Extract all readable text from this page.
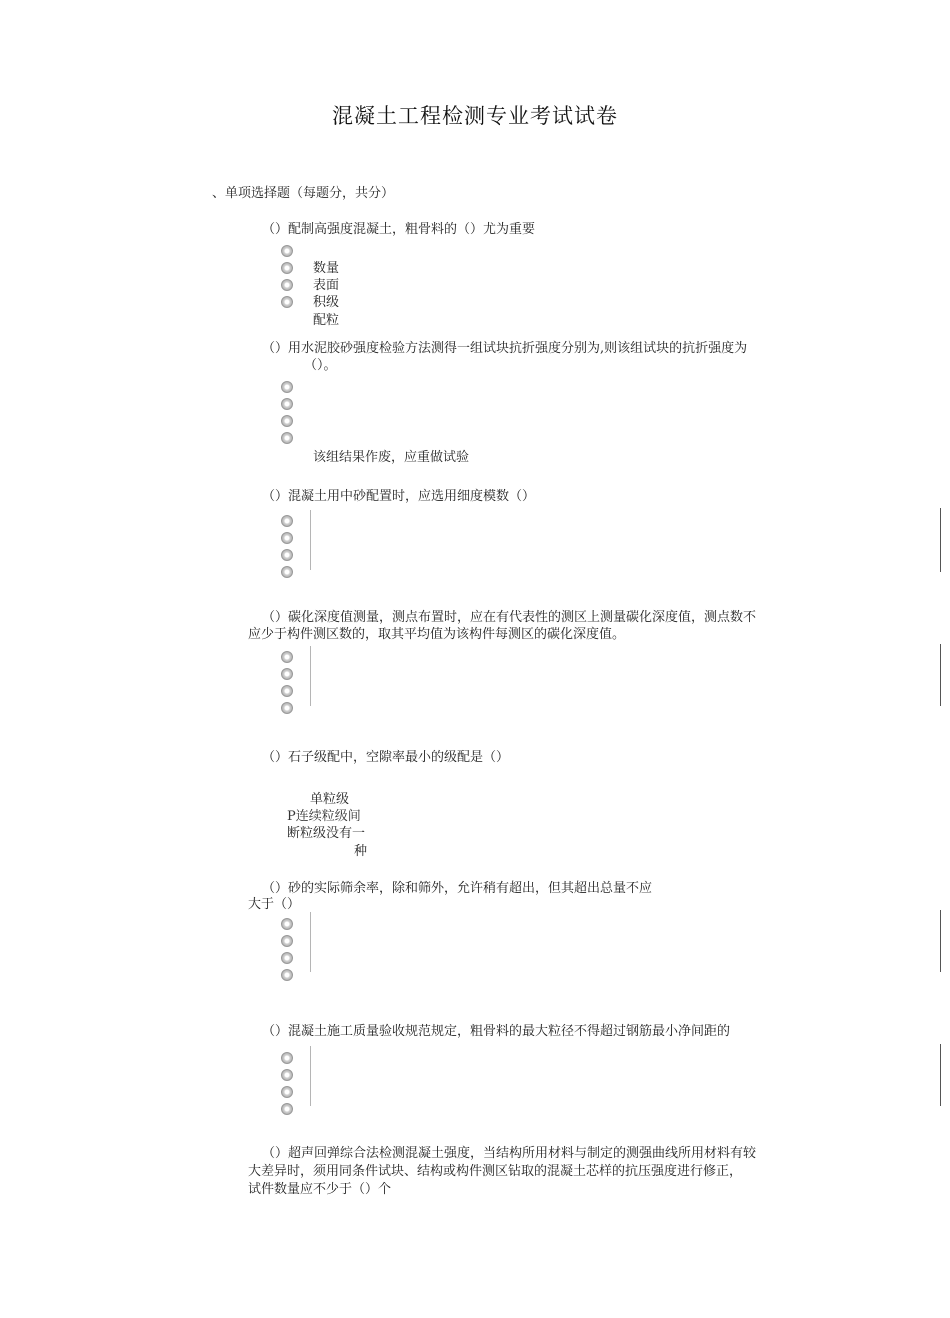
混凝土工程检测专业考试试卷
、单项选择题（每题分，共分）
（）配制高强度混凝土，粗骨料的（）尤为重要
数量
表面
积级
配粒
（）用水泥胶砂强度检验方法测得一组试块抗折强度分别为,则该组试块的抗折强度为
（）。
该组结果作废，应重做试验
（）混凝土用中砂配置时，应选用细度模数（）
（）碳化深度值测量，测点布置时，应在有代表性的测区上测量碳化深度值，测点数不
应少于构件测区数的，取其平均值为该构件每测区的碳化深度值。
（）石子级配中，空隙率最小的级配是（）
单粒级
P连续粒级间
断粒级没有一
种
（）砂的实际筛余率，除和筛外，允许稍有超出，但其超出总量不应
大于（）
（）混凝土施工质量验收规范规定，粗骨料的最大粒径不得超过钢筋最小净间距的
（）超声回弹综合法检测混凝土强度，当结构所用材料与制定的测强曲线所用材料有较
大差异时，须用同条件试块、结构或构件测区钻取的混凝土芯样的抗压强度进行修正，
试件数量应不少于（）个
